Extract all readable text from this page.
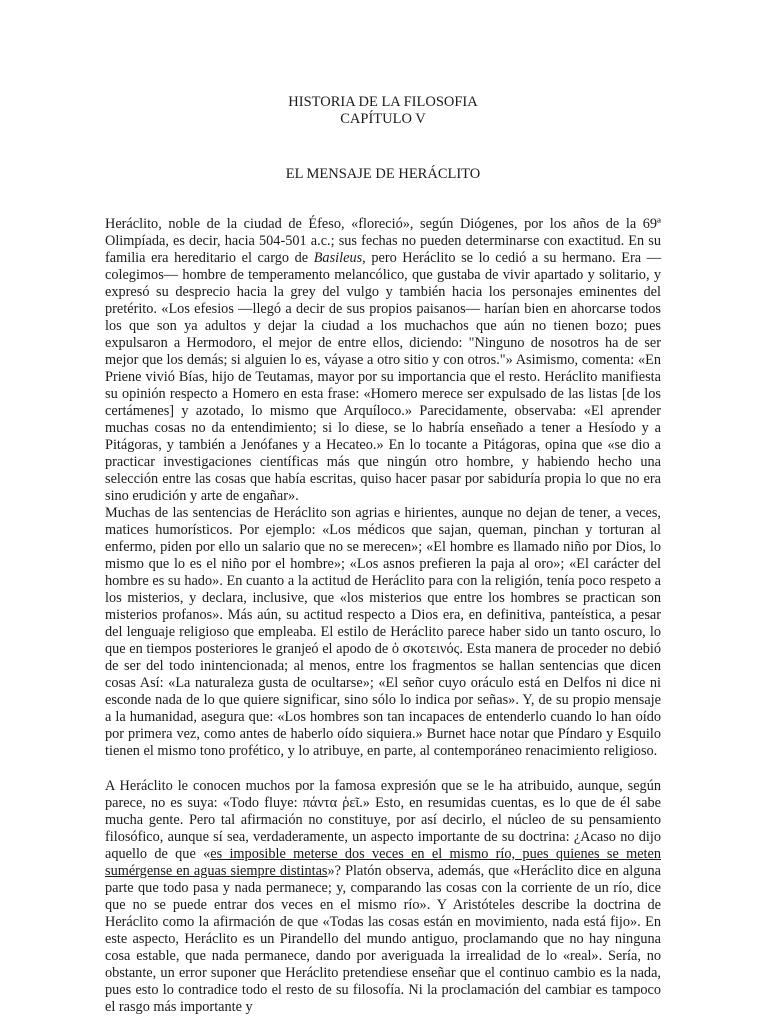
HISTORIA DE LA FILOSOFIA

CAPÍTULO V

EL MENSAJE DE HERÁCLITO

Heráclito, noble de la ciudad de Éfeso, «floreció», según Diógenes, por los años de la 69ª Olimpíada, es decir, hacia 504-501 a.c.; sus fechas no pueden determinarse con exactitud. En su familia era hereditario el cargo de Basileus, pero Heráclito se lo cedió a su hermano. Era —colegimos— hombre de temperamento melancólico, que gustaba de vivir apartado y solitario, y expresó su desprecio hacia la grey del vulgo y también hacia los personajes eminentes del pretérito. «Los efesios —llegó a decir de sus propios paisanos— harían bien en ahorcarse todos los que son ya adultos y dejar la ciudad a los muchachos que aún no tienen bozo; pues expulsaron a Hermodoro, el mejor de entre ellos, diciendo: "Ninguno de nosotros ha de ser mejor que los demás; si alguien lo es, váyase a otro sitio y con otros."» Asimismo, comenta: «En Priene vivió Bías, hijo de Teutamas, mayor por su importancia que el resto. Heráclito manifiesta su opinión respecto a Homero en esta frase: «Homero merece ser expulsado de las listas [de los certámenes] y azotado, lo mismo que Arquíloco.» Parecidamente, observaba: «El aprender muchas cosas no da entendimiento; si lo diese, se lo habría enseñado a tener a Hesíodo y a Pitágoras, y también a Jenófanes y a Hecateo.» En lo tocante a Pitágoras, opina que «se dio a practicar investigaciones científicas más que ningún otro hombre, y habiendo hecho una selección entre las cosas que había escritas, quiso hacer pasar por sabiduría propia lo que no era sino erudición y arte de engañar».

Muchas de las sentencias de Heráclito son agrias e hirientes, aunque no dejan de tener, a veces, matices humorísticos. Por ejemplo: «Los médicos que sajan, queman, pinchan y torturan al enfermo, piden por ello un salario que no se merecen»; «El hombre es llamado niño por Dios, lo mismo que lo es el niño por el hombre»; «Los asnos prefieren la paja al oro»; «El carácter del hombre es su hado». En cuanto a la actitud de Heráclito para con la religión, tenía poco respeto a los misterios, y declara, inclusive, que «los misterios que entre los hombres se practican son misterios profanos». Más aún, su actitud respecto a Dios era, en definitiva, panteística, a pesar del lenguaje religioso que empleaba. El estilo de Heráclito parece haber sido un tanto oscuro, lo que en tiempos posteriores le granjeó el apodo de ὁ σκοτεινός. Esta manera de proceder no debió de ser del todo inintencionada; al menos, entre los fragmentos se hallan sentencias que dicen cosas Así: «La naturaleza gusta de ocultarse»; «El señor cuyo oráculo está en Delfos ni dice ni esconde nada de lo que quiere significar, sino sólo lo indica por señas». Y, de su propio mensaje a la humanidad, asegura que: «Los hombres son tan incapaces de entenderlo cuando lo han oído por primera vez, como antes de haberlo oído siquiera.» Burnet hace notar que Píndaro y Esquilo tienen el mismo tono profético, y lo atribuye, en parte, al contemporáneo renacimiento religioso.

A Heráclito le conocen muchos por la famosa expresión que se le ha atribuido, aunque, según parece, no es suya: «Todo fluye: πάντα ῥεῖ.» Esto, en resumidas cuentas, es lo que de él sabe mucha gente. Pero tal afirmación no constituye, por así decirlo, el núcleo de su pensamiento filosófico, aunque sí sea, verdaderamente, un aspecto importante de su doctrina: ¿Acaso no dijo aquello de que «es imposible meterse dos veces en el mismo río, pues quienes se meten sumérgense en aguas siempre distintas»? Platón observa, además, que «Heráclito dice en alguna parte que todo pasa y nada permanece; y, comparando las cosas con la corriente de un río, dice que no se puede entrar dos veces en el mismo río». Y Aristóteles describe la doctrina de Heráclito como la afirmación de que «Todas las cosas están en movimiento, nada está fijo». En este aspecto, Heráclito es un Pirandello del mundo antiguo, proclamando que no hay ninguna cosa estable, que nada permanece, dando por averiguada la irrealidad de lo «real». Sería, no obstante, un error suponer que Heráclito pretendiese enseñar que el continuo cambio es la nada, pues esto lo contradice todo el resto de su filosofía. Ni la proclamación del cambiar es tampoco el rasgo más importante y
